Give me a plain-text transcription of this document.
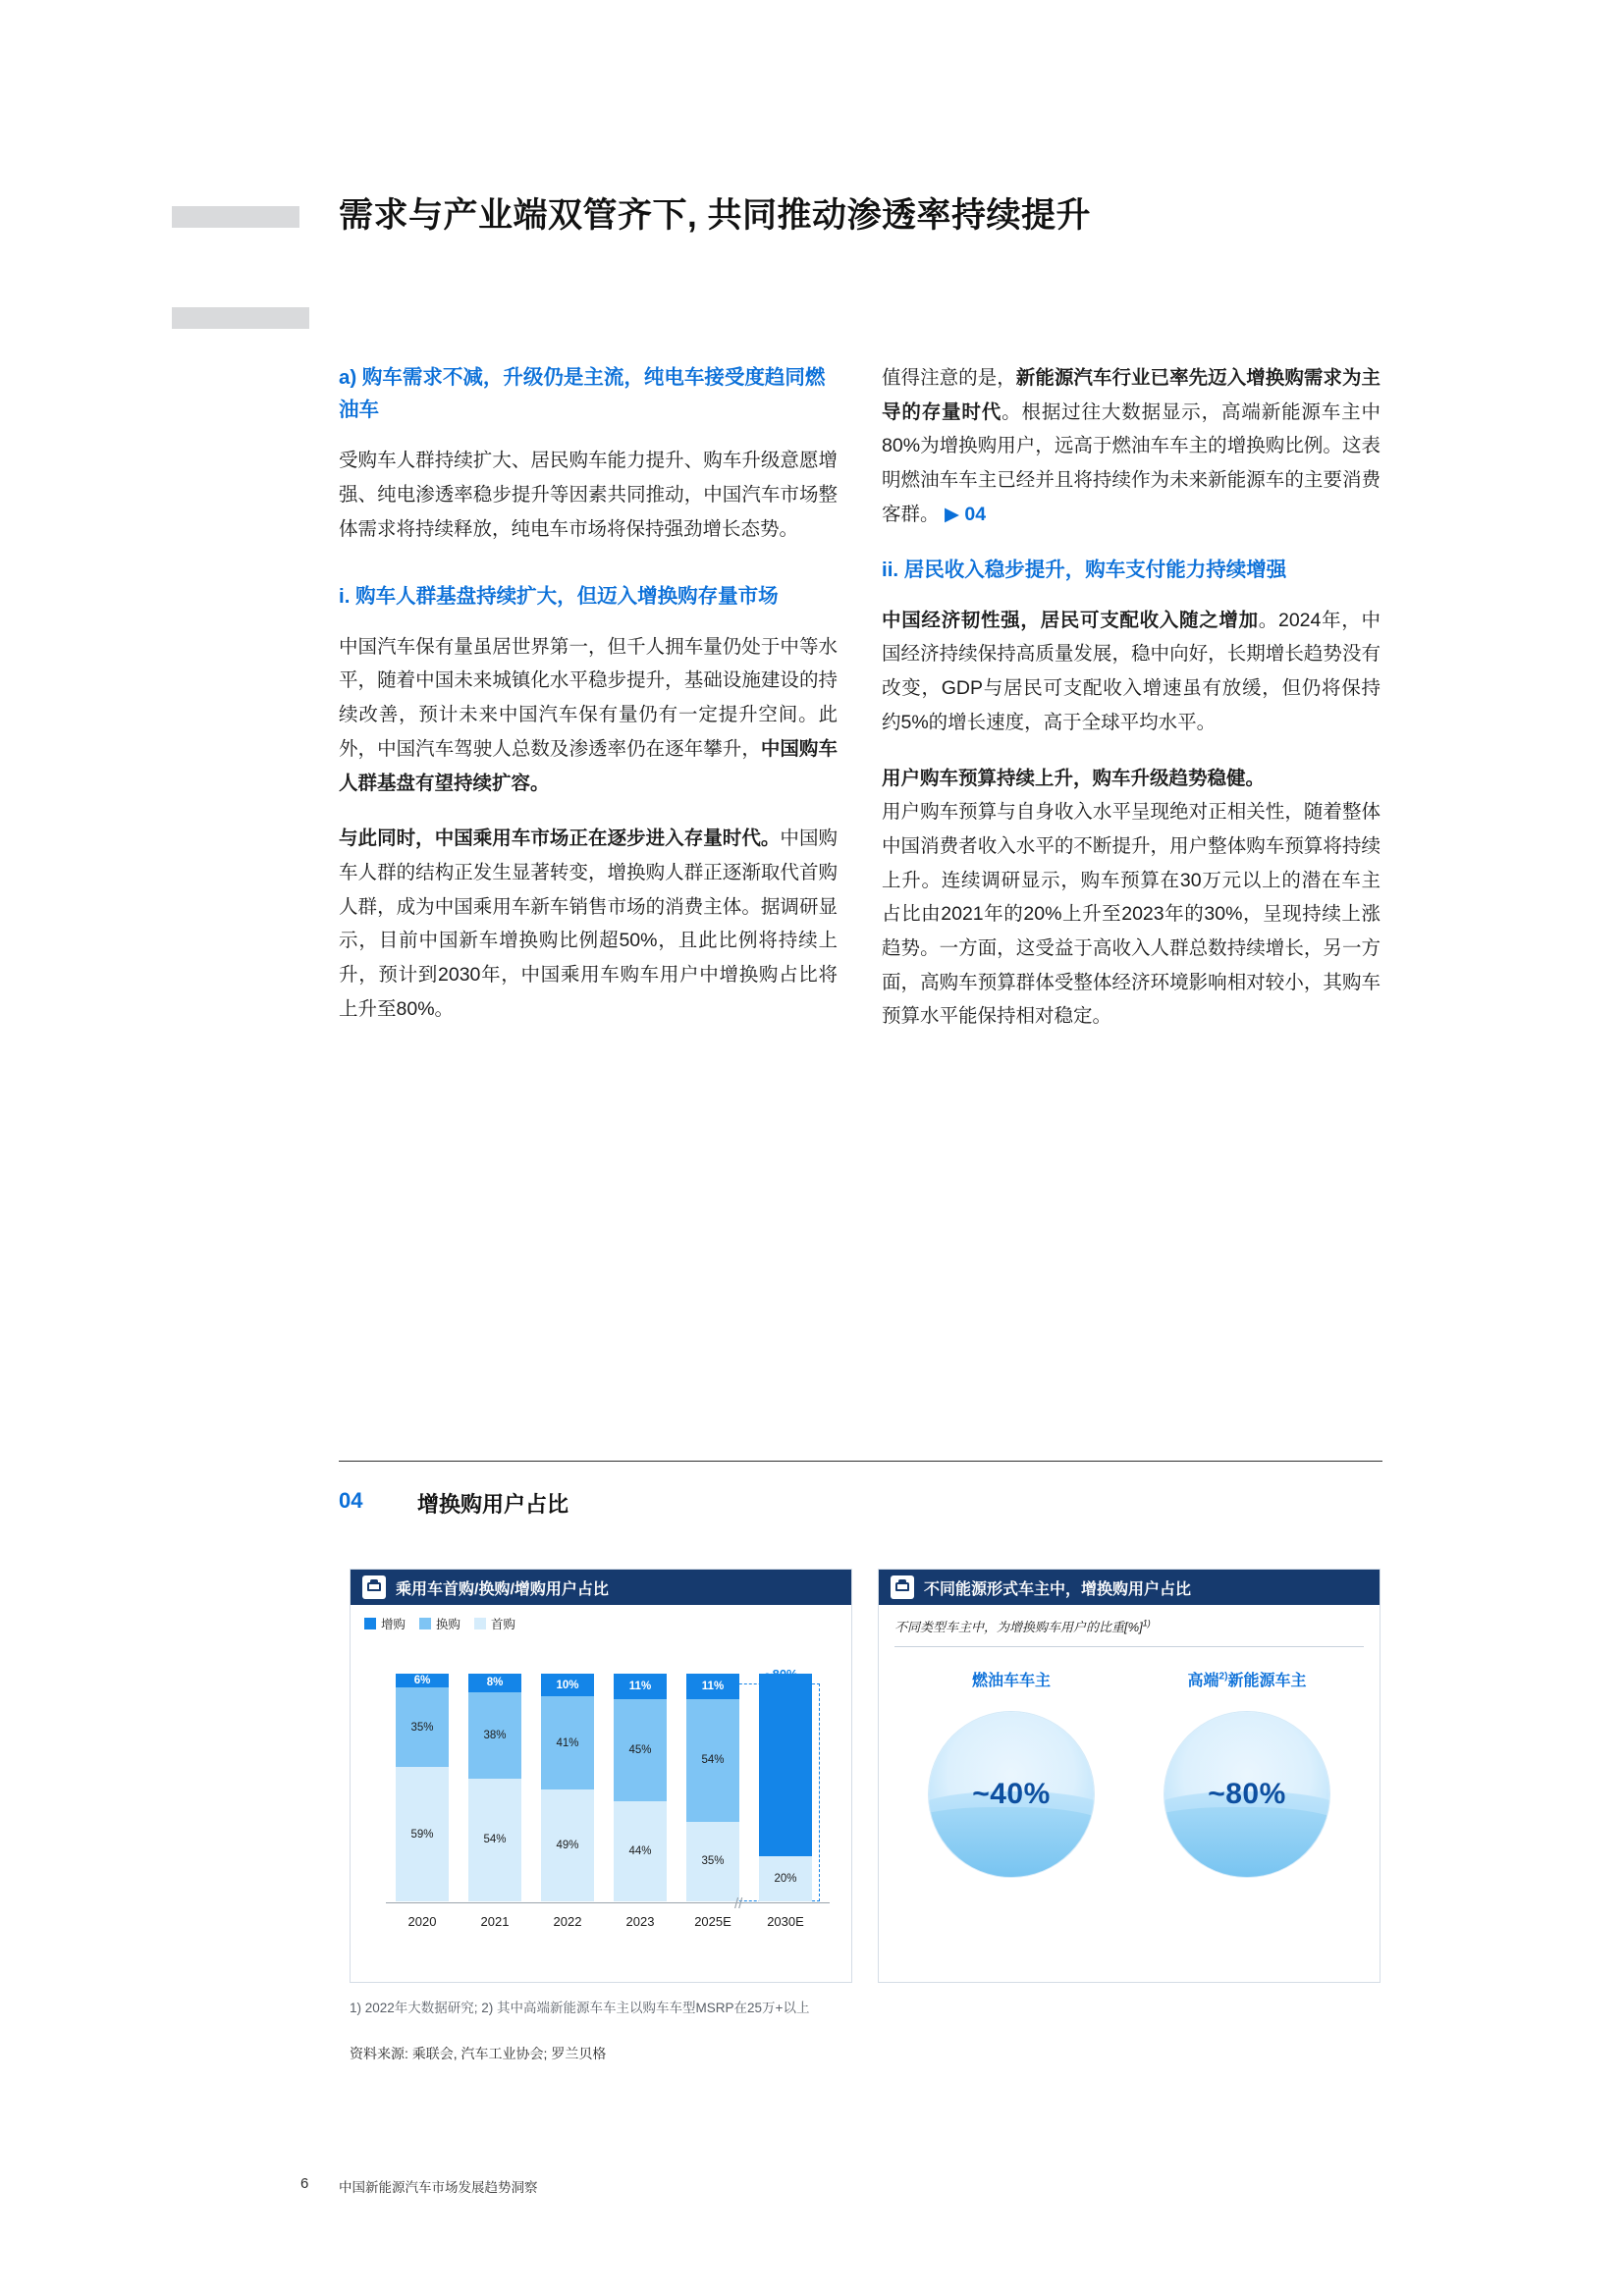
需求与产业端双管齐下, 共同推动渗透率持续提升
a) 购车需求不减，升级仍是主流，纯电车接受度趋同燃油车

受购车人群持续扩大、居民购车能力提升、购车升级意愿增强、纯电渗透率稳步提升等因素共同推动，中国汽车市场整体需求将持续释放，纯电车市场将保持强劲增长态势。

i. 购车人群基盘持续扩大，但迈入增换购存量市场

中国汽车保有量虽居世界第一，但千人拥车量仍处于中等水平，随着中国未来城镇化水平稳步提升，基础设施建设的持续改善，预计未来中国汽车保有量仍有一定提升空间。此外，中国汽车驾驶人总数及渗透率仍在逐年攀升，中国购车人群基盘有望持续扩容。

与此同时，中国乘用车市场正在逐步进入存量时代。中国购车人群的结构正发生显著转变，增换购人群正逐渐取代首购人群，成为中国乘用车新车销售市场的消费主体。据调研显示，目前中国新车增换购比例超50%，且此比例将持续上升，预计到2030年，中国乘用车购车用户中增换购占比将上升至80%。

值得注意的是，新能源汽车行业已率先迈入增换购需求为主导的存量时代。根据过往大数据显示，高端新能源车主中80%为增换购用户，远高于燃油车车主的增换购比例。这表明燃油车车主已经并且将持续作为未来新能源车的主要消费客群。 ▶ 04

ii. 居民收入稳步提升，购车支付能力持续增强

中国经济韧性强，居民可支配收入随之增加。2024年，中国经济持续保持高质量发展，稳中向好，长期增长趋势没有改变，GDP与居民可支配收入增速虽有放缓，但仍将保持约5%的增长速度，高于全球平均水平。

用户购车预算持续上升，购车升级趋势稳健。
用户购车预算与自身收入水平呈现绝对正相关性，随着整体中国消费者收入水平的不断提升，用户整体购车预算将持续上升。连续调研显示，购车预算在30万元以上的潜在车主占比由2021年的20%上升至2023年的30%，呈现持续上涨趋势。一方面，这受益于高收入人群总数持续增长，另一方面，高购车预算群体受整体经济环境影响相对较小，其购车预算水平能保持相对稳定。

04	增换购用户占比
乘用车首购/换购/增购用户占比
增购 换购 首购
6%
35%
59%
8%
38%
54%
10%
41%
49%
11%
45%
44%
11%
54%
35%
20%
//
2020	2021	2022	2023	2025E	2030E
不同能源形式车主中，增换购用户占比
不同类型车主中，为增换购车用户的比重[%]$^{1)}$
燃油车车主
~40%
高端$^{2)}$新能源车主
~80%
1) 2022年大数据研究; 2) 其中高端新能源车车主以购车车型MSRP在25万+以上
资料来源: 乘联会, 汽车工业协会; 罗兰贝格
6 中国新能源汽车市场发展趋势洞察
